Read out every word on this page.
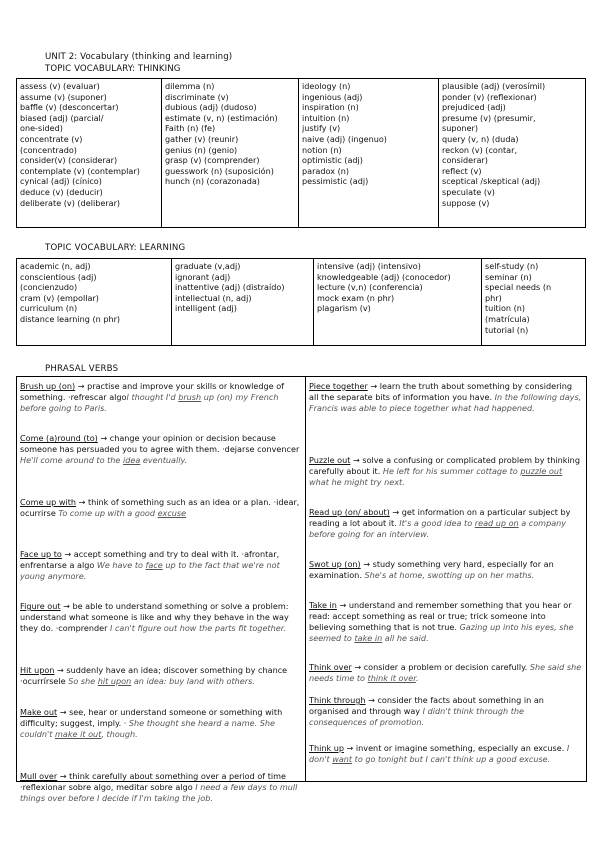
UNIT 2: Vocabulary (thinking and learning)
TOPIC VOCABULARY: THINKING
assess (v) (evaluar)
assume (v) (suponer)
baffle (v) (desconcertar)
biased (adj) (parcial/
one-sided)
concentrate (v)
(concentrado)
consider(v) (considerar)
contemplate (v) (contemplar)
cynical (adj) (cínico)
deduce (v) (deducir)
deliberate (v) (deliberar)

dilemma (n)
discriminate (v)
dubious (adj) (dudoso)
estimate (v, n) (estimación)
Faith (n) (fe)
gather (v) (reunir)
genius (n) (genio)
grasp (v) (comprender)
guesswork (n) (suposición)
hunch (n) (corazonada)

ideology (n)
ingenious (adj)
inspiration (n)
intuition (n)
justify (v)
naive (adj) (ingenuo)
notion (n)
optimistic (adj)
paradox (n)
pessimistic (adj)

plausible (adj) (verosímil)
ponder (v) (reflexionar)
prejudiced (adj)
presume (v) (presumir,
suponer)
query (v, n) (duda)
reckon (v) (contar,
considerar)
reflect (v)
sceptical /skeptical (adj)
speculate (v)
suppose (v)
TOPIC VOCABULARY: LEARNING
academic (n, adj)
conscientious (adj)
(concienzudo)
cram (v) (empollar)
curriculum (n)
distance learning (n phr)

graduate (v,adj)
ignorant (adj)
inattentive (adj) (distraído)
intellectual (n, adj)
intelligent (adj)

intensive (adj) (intensivo)
knowledgeable (adj) (conocedor)
lecture (v,n) (conferencia)
mock exam (n phr)
plagarism (v)

self-study (n)
seminar (n)
special needs (n
phr)
tuition (n)
(matrícula)
tutorial (n)
PHRASAL VERBS
Brush up (on) → practise and improve your skills or knowledge of something. ·refrescar algoI thought I'd brush up (on) my French before going to Paris.
Come (a)round (to) → change your opinion or decision because someone has persuaded you to agree with them. ·dejarse convencer He'll come around to the idea eventually.
Come up with → think of something such as an idea or a plan. ·idear, ocurrirse To come up with a good excuse
Face up to → accept something and try to deal with it. ·afrontar, enfrentarse a algo We have to face up to the fact that we're not young anymore.
Figure out → be able to understand something or solve a problem: understand what someone is like and why they behave in the way they do. ·comprender I can't figure out how the parts fit together.
Hit upon → suddenly have an idea; discover something by chance ·ocurrírsele So she hit upon an idea: buy land with others.
Make out → see, hear or understand someone or something with difficulty; suggest, imply. · She thought she heard a name. She couldn't make it out, though.
Mull over → think carefully about something over a period of time ·reflexionar sobre algo, meditar sobre algo I need a few days to mull things over before I decide if I'm taking the job.
Piece together → learn the truth about something by considering all the separate bits of information you have. In the following days, Francis was able to piece together what had happened.
Puzzle out → solve a confusing or complicated problem by thinking carefully about it. He left for his summer cottage to puzzle out what he might try next.
Read up (on/ about) → get information on a particular subject by reading a lot about it. It's a good idea to read up on a company before going for an interview.
Swot up (on) → study something very hard, especially for an examination. She's at home, swotting up on her maths.
Take in → understand and remember something that you hear or read: accept something as real or true; trick someone into believing something that is not true. Gazing up into his eyes, she seemed to take in all he said.
Think over → consider a problem or decision carefully. She said she needs time to think it over.
Think through → consider the facts about something in an organised and through way I didn't think through the consequences of promotion.
Think up → invent or imagine something, especially an excuse. I don't want to go tonight but I can't think up a good excuse.
